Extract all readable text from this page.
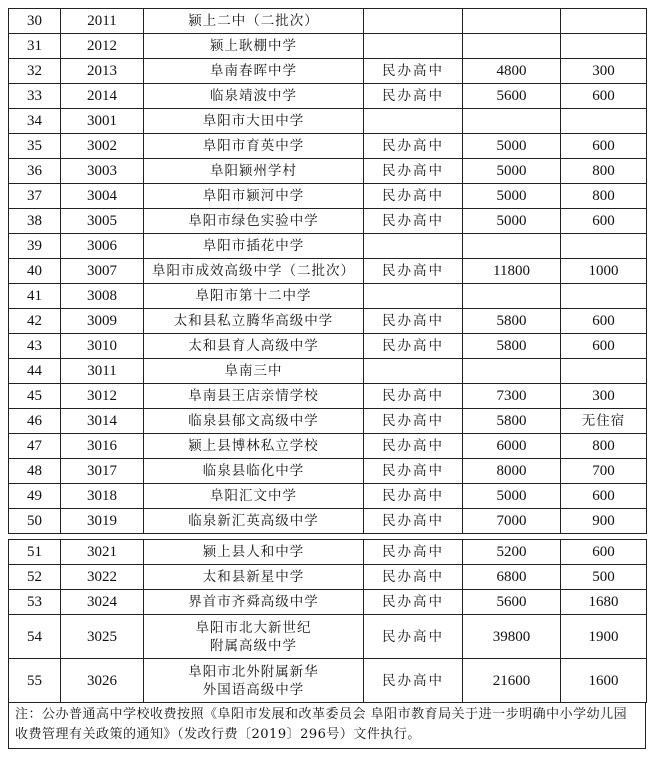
30	2011	颍上二中（二批次）			
31	2012	颍上耿棚中学			
32	2013	阜南春晖中学	民办高中	4800	300
33	2014	临泉靖波中学	民办高中	5600	600
34	3001	阜阳市大田中学			
35	3002	阜阳市育英中学	民办高中	5000	600
36	3003	阜阳颍州学村	民办高中	5000	800
37	3004	阜阳市颍河中学	民办高中	5000	800
38	3005	阜阳市绿色实验中学	民办高中	5000	600
39	3006	阜阳市插花中学			
40	3007	阜阳市成效高级中学（二批次）	民办高中	11800	1000
41	3008	阜阳市第十二中学			
42	3009	太和县私立腾华高级中学	民办高中	5800	600
43	3010	太和县育人高级中学	民办高中	5800	600
44	3011	阜南三中			
45	3012	阜南县王店亲情学校	民办高中	7300	300
46	3014	临泉县郁文高级中学	民办高中	5800	无住宿
47	3016	颍上县博林私立学校	民办高中	6000	800
48	3017	临泉县临化中学	民办高中	8000	700
49	3018	阜阳汇文中学	民办高中	5000	600
50	3019	临泉新汇英高级中学	民办高中	7000	900
51	3021	颍上县人和中学	民办高中	5200	600
52	3022	太和县新星中学	民办高中	6800	500
53	3024	界首市齐舜高级中学	民办高中	5600	1680
54	3025	阜阳市北大新世纪
附属高级中学	民办高中	39800	1900
55	3026	阜阳市北外附属新华
外国语高级中学	民办高中	21600	1600
注：公办普通高中学校收费按照《阜阳市发展和改革委员会 阜阳市教育局关于进一步明确中小学幼儿园收费管理有关政策的通知》（发改行费〔2019〕296号）文件执行。
